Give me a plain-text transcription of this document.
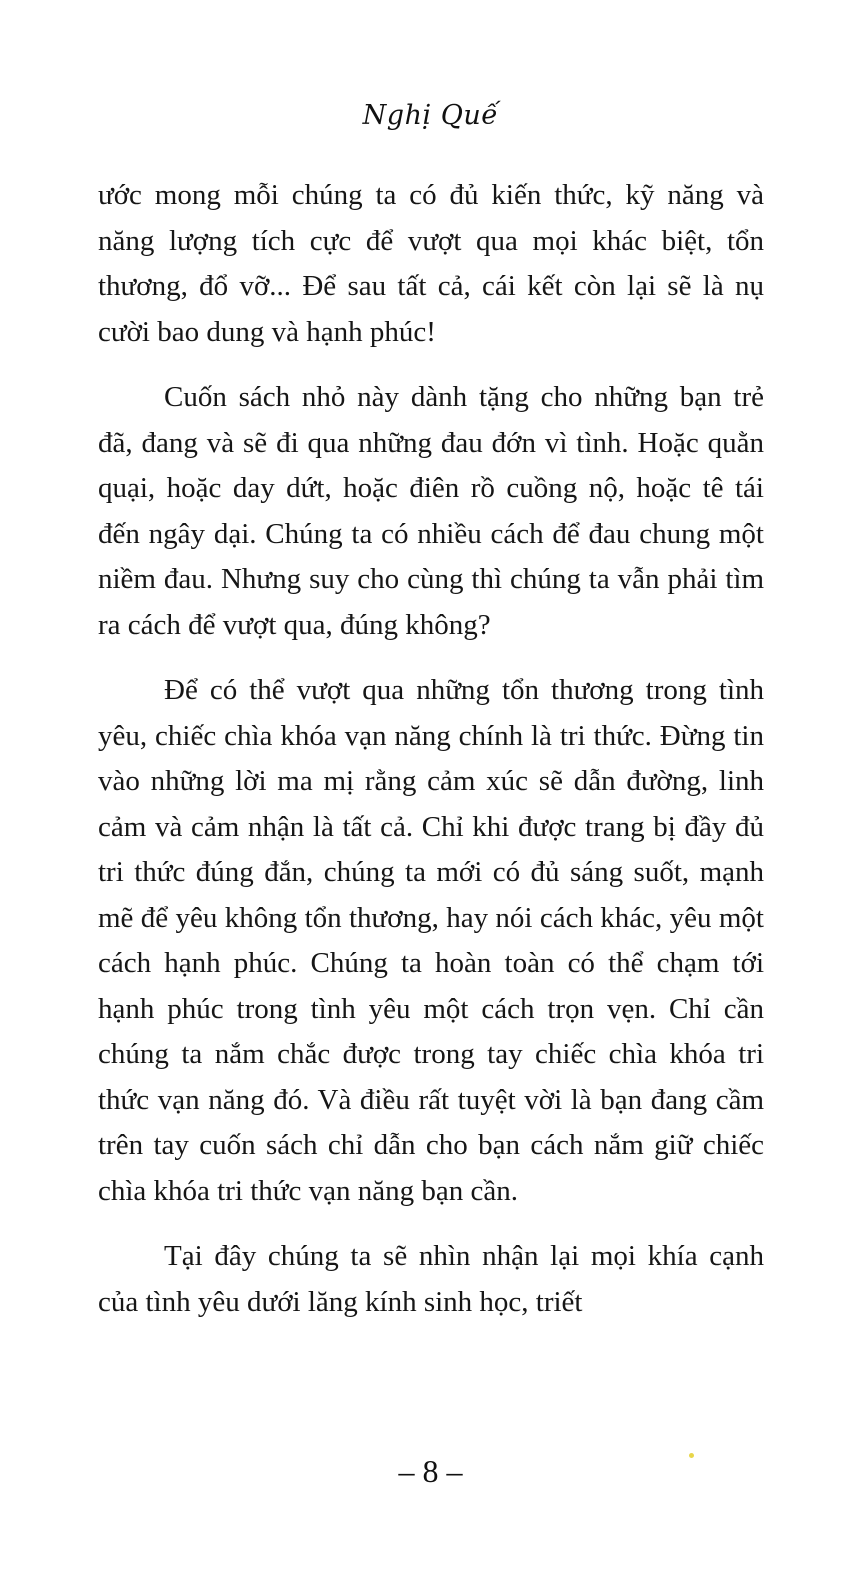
Nghị Quế

ước mong mỗi chúng ta có đủ kiến thức, kỹ năng và năng lượng tích cực để vượt qua mọi khác biệt, tổn thương, đổ vỡ... Để sau tất cả, cái kết còn lại sẽ là nụ cười bao dung và hạnh phúc!

Cuốn sách nhỏ này dành tặng cho những bạn trẻ đã, đang và sẽ đi qua những đau đớn vì tình. Hoặc quằn quại, hoặc day dứt, hoặc điên rồ cuồng nộ, hoặc tê tái đến ngây dại. Chúng ta có nhiều cách để đau chung một niềm đau. Nhưng suy cho cùng thì chúng ta vẫn phải tìm ra cách để vượt qua, đúng không?

Để có thể vượt qua những tổn thương trong tình yêu, chiếc chìa khóa vạn năng chính là tri thức. Đừng tin vào những lời ma mị rằng cảm xúc sẽ dẫn đường, linh cảm và cảm nhận là tất cả. Chỉ khi được trang bị đầy đủ tri thức đúng đắn, chúng ta mới có đủ sáng suốt, mạnh mẽ để yêu không tổn thương, hay nói cách khác, yêu một cách hạnh phúc. Chúng ta hoàn toàn có thể chạm tới hạnh phúc trong tình yêu một cách trọn vẹn. Chỉ cần chúng ta nắm chắc được trong tay chiếc chìa khóa tri thức vạn năng đó. Và điều rất tuyệt vời là bạn đang cầm trên tay cuốn sách chỉ dẫn cho bạn cách nắm giữ chiếc chìa khóa tri thức vạn năng bạn cần.

Tại đây chúng ta sẽ nhìn nhận lại mọi khía cạnh của tình yêu dưới lăng kính sinh học, triết

– 8 –
